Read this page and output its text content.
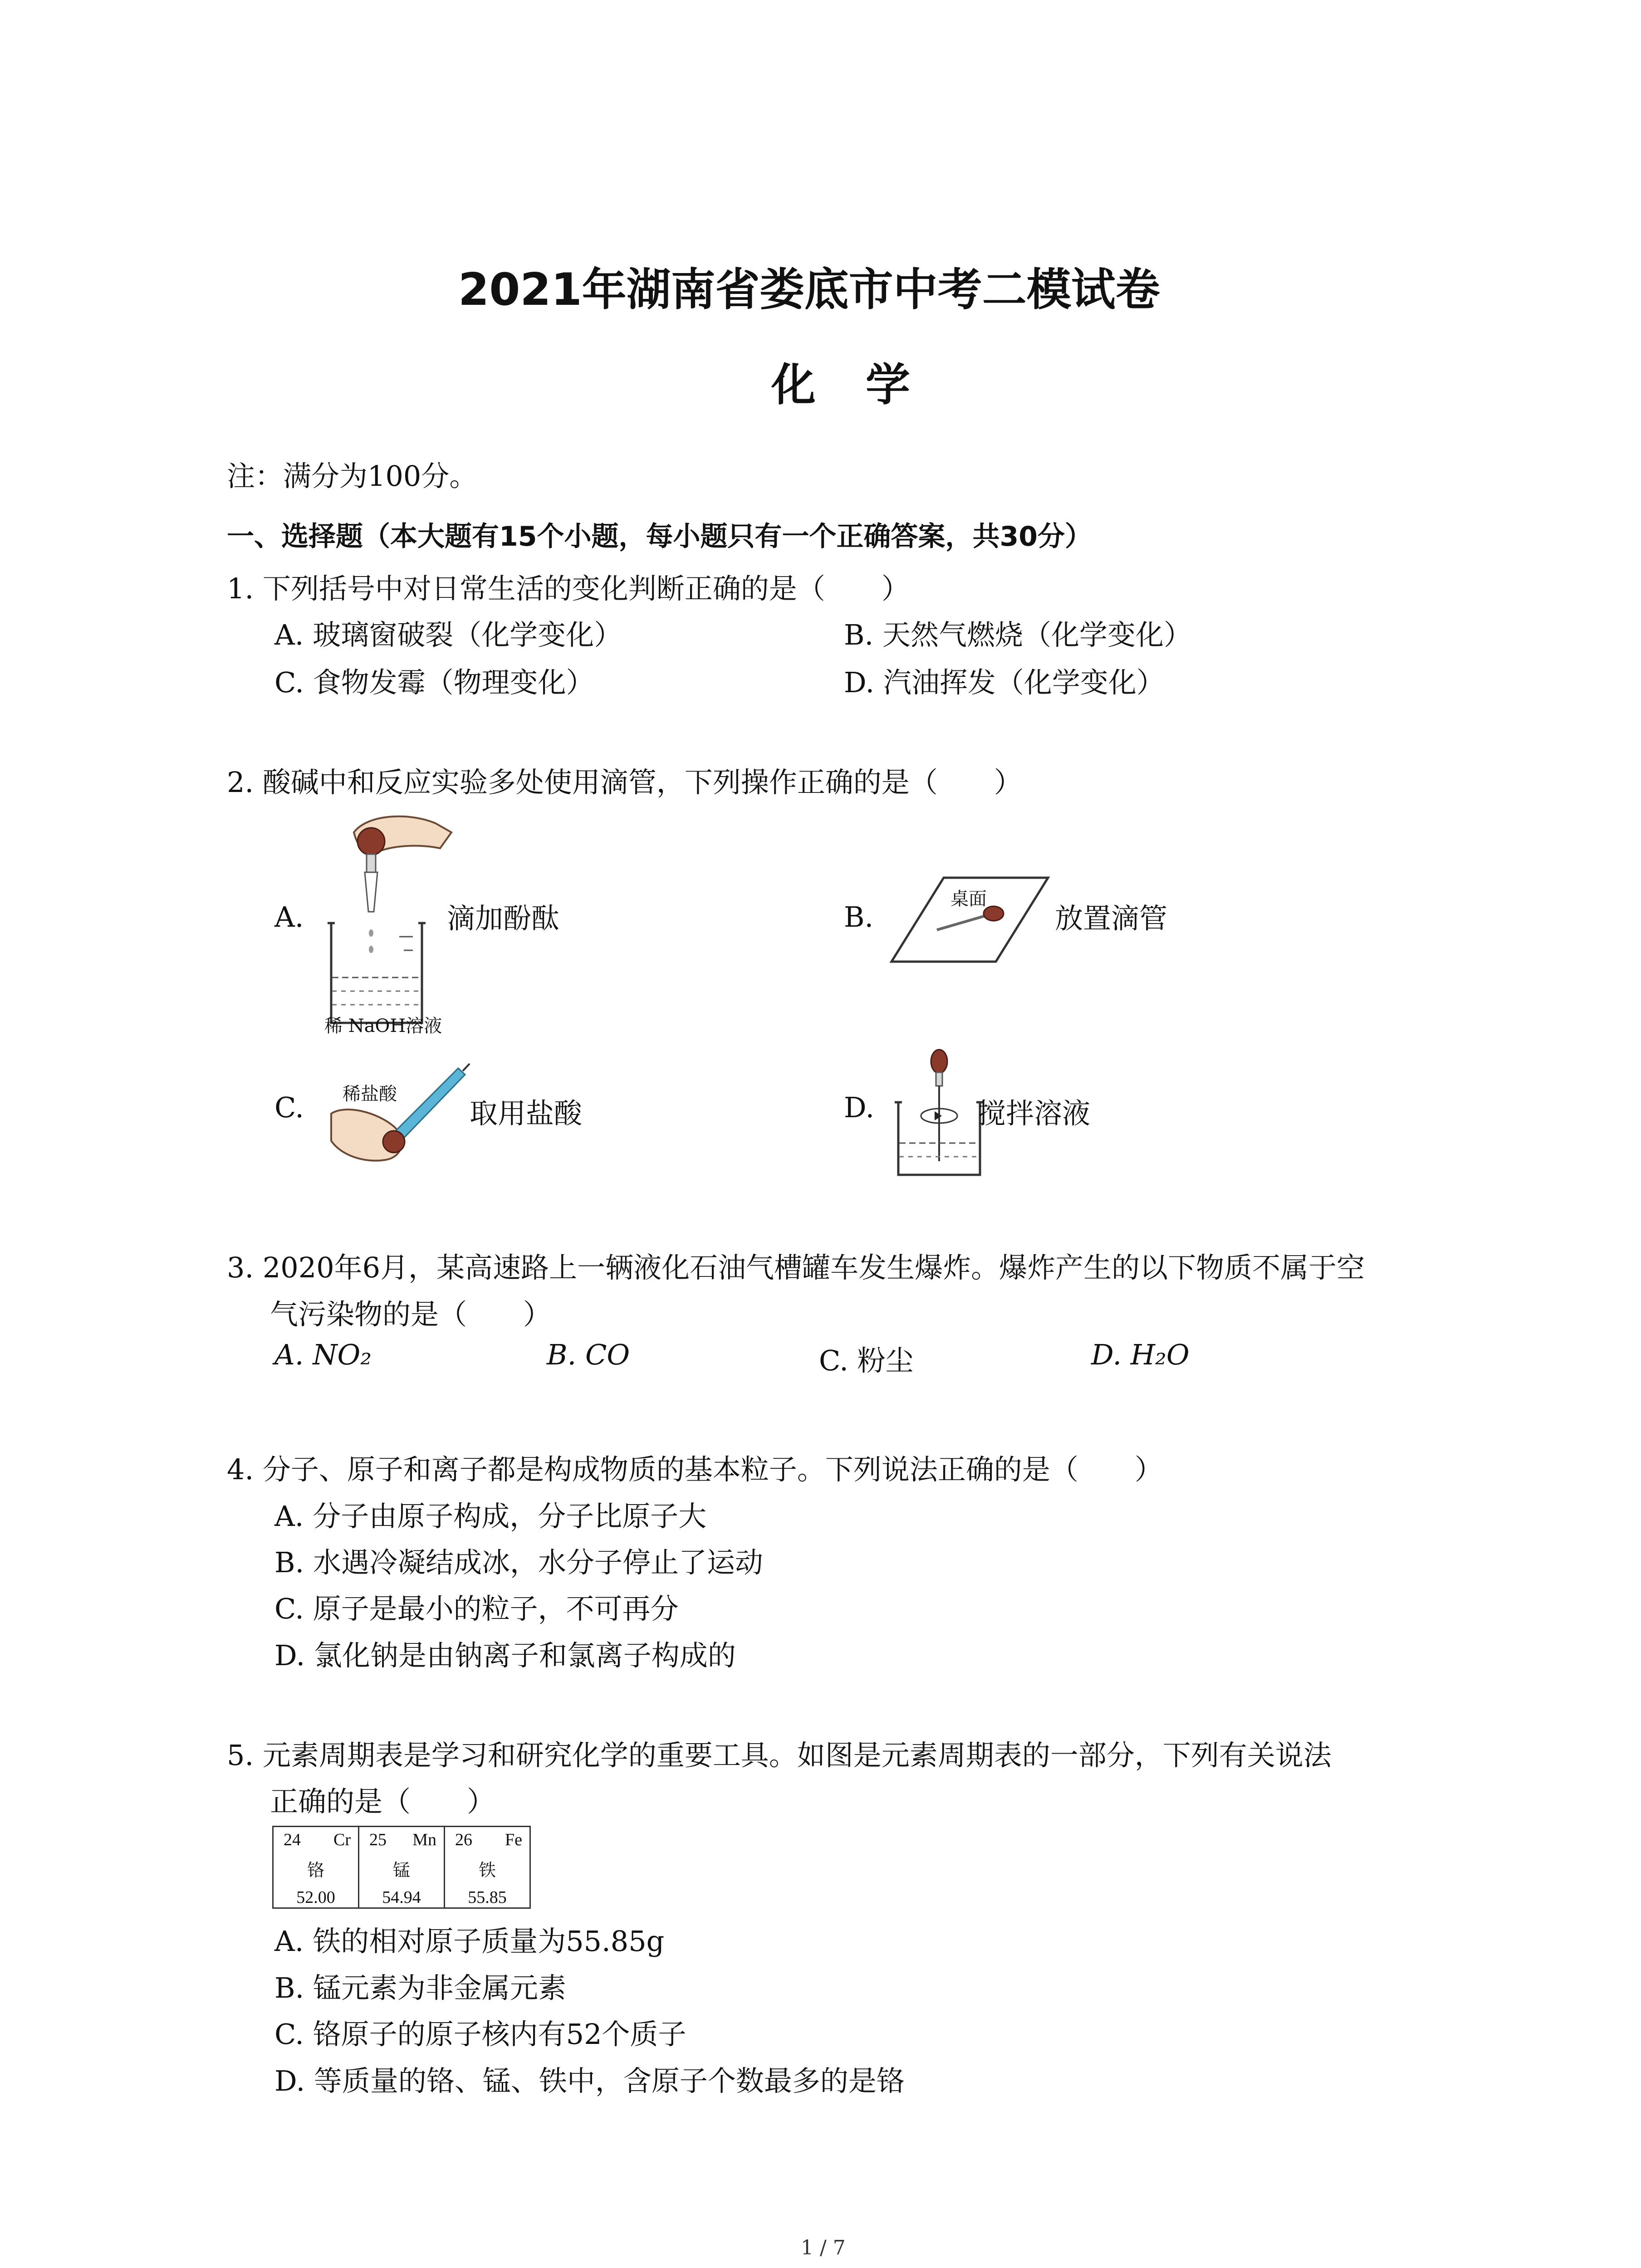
2021年湖南省娄底市中考二模试卷
化学
注：满分为100分。
一、选择题（本大题有15个小题，每小题只有一个正确答案，共30分）
1. 下列括号中对日常生活的变化判断正确的是（　　）
A. 玻璃窗破裂（化学变化）	B. 天然气燃烧（化学变化）
C. 食物发霉（物理变化）	D. 汽油挥发（化学变化）
2. 酸碱中和反应实验多处使用滴管，下列操作正确的是（　　）
A.
稀 NaOH溶液
滴加酚酞	B.
桌面
放置滴管
C. 稀盐酸
取用盐酸	D.	搅拌溶液
3. 2020年6月，某高速路上一辆液化石油气槽罐车发生爆炸。爆炸产生的以下物质不属于空
气污染物的是（　　）
A. NO₂	B. CO	C. 粉尘	D. H₂O
4. 分子、原子和离子都是构成物质的基本粒子。下列说法正确的是（　　）
A. 分子由原子构成，分子比原子大
B. 水遇冷凝结成冰，水分子停止了运动
C. 原子是最小的粒子，不可再分
D. 氯化钠是由钠离子和氯离子构成的
5. 元素周期表是学习和研究化学的重要工具。如图是元素周期表的一部分，下列有关说法
正确的是（　　）
24 Cr
铬
52.00

25 Mn
锰
54.94

26 Fe
铁
55.85
A. 铁的相对原子质量为55.85g
B. 锰元素为非金属元素
C. 铬原子的原子核内有52个质子
D. 等质量的铬、锰、铁中，含原子个数最多的是铬
1 / 7
